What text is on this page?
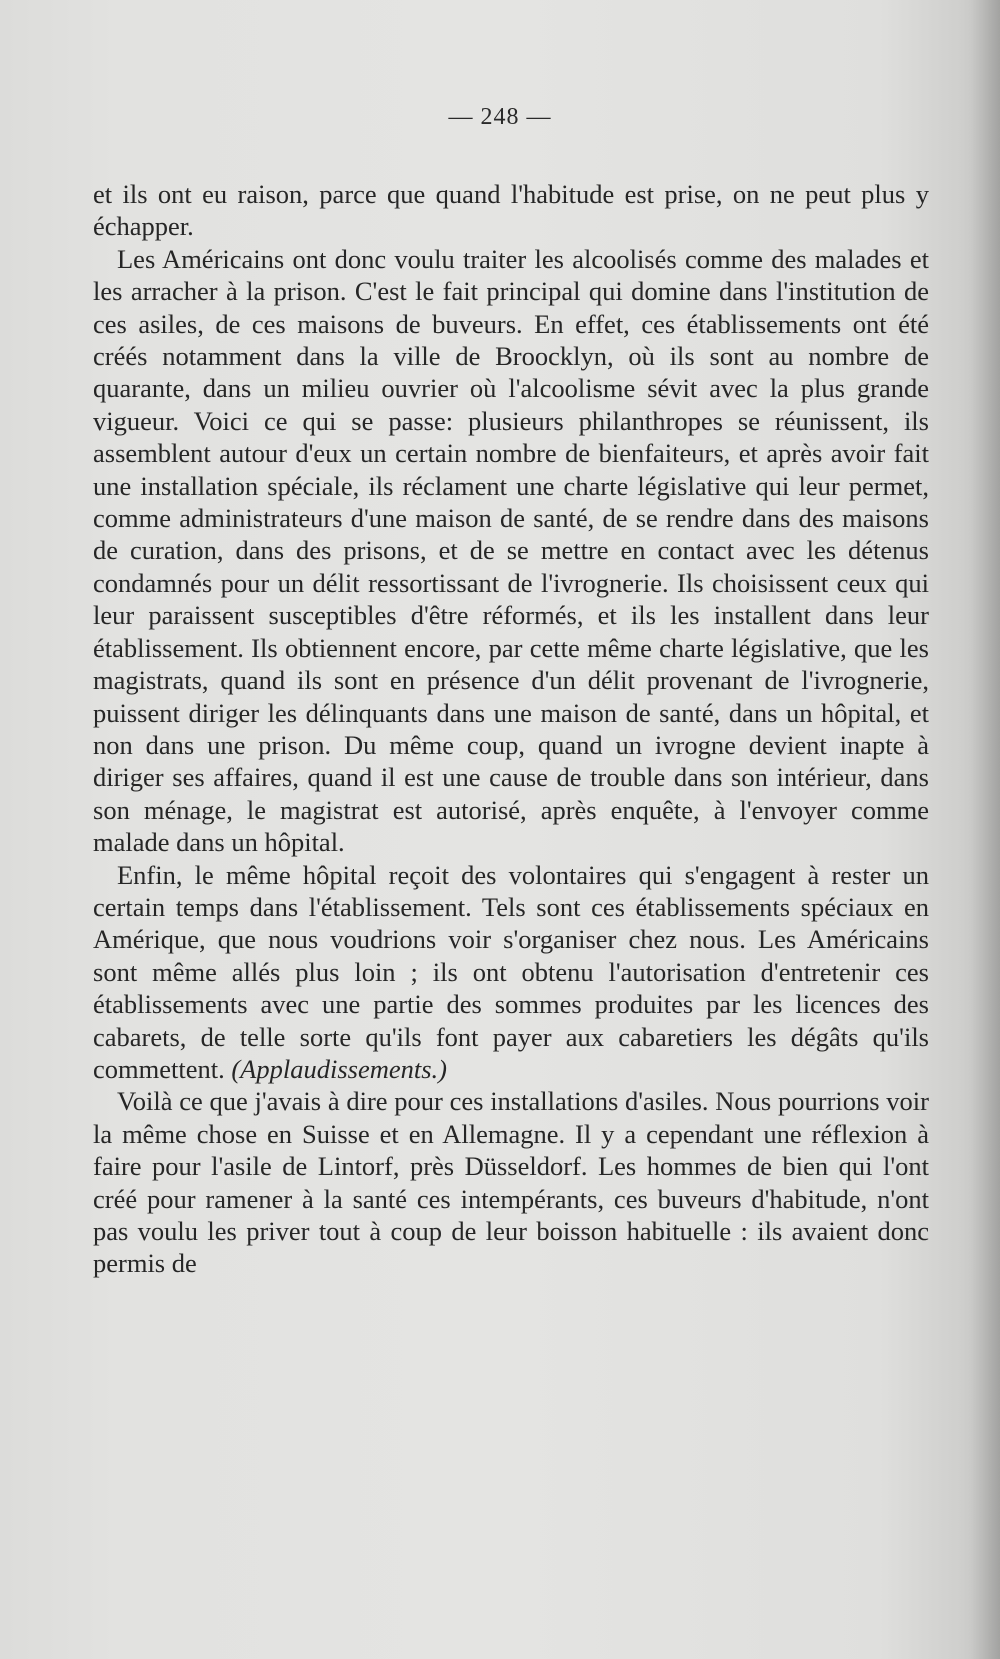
— 248 —

et ils ont eu raison, parce que quand l'habitude est prise, on ne peut plus y échapper.

Les Américains ont donc voulu traiter les alcoolisés comme des malades et les arracher à la prison. C'est le fait principal qui domine dans l'institution de ces asiles, de ces maisons de buveurs. En effet, ces établissements ont été créés notamment dans la ville de Broocklyn, où ils sont au nombre de quarante, dans un milieu ouvrier où l'alcoolisme sévit avec la plus grande vigueur. Voici ce qui se passe: plusieurs philanthropes se réunissent, ils assemblent autour d'eux un certain nombre de bienfaiteurs, et après avoir fait une installation spéciale, ils réclament une charte législative qui leur permet, comme administrateurs d'une maison de santé, de se rendre dans des maisons de curation, dans des prisons, et de se mettre en contact avec les détenus condamnés pour un délit ressortissant de l'ivrognerie. Ils choisissent ceux qui leur paraissent susceptibles d'être réformés, et ils les installent dans leur établissement. Ils obtiennent encore, par cette même charte législative, que les magistrats, quand ils sont en présence d'un délit provenant de l'ivrognerie, puissent diriger les délinquants dans une maison de santé, dans un hôpital, et non dans une prison. Du même coup, quand un ivrogne devient inapte à diriger ses affaires, quand il est une cause de trouble dans son intérieur, dans son ménage, le magistrat est autorisé, après enquête, à l'envoyer comme malade dans un hôpital.

Enfin, le même hôpital reçoit des volontaires qui s'engagent à rester un certain temps dans l'établissement. Tels sont ces établissements spéciaux en Amérique, que nous voudrions voir s'organiser chez nous. Les Américains sont même allés plus loin ; ils ont obtenu l'autorisation d'entretenir ces établissements avec une partie des sommes produites par les licences des cabarets, de telle sorte qu'ils font payer aux cabaretiers les dégâts qu'ils commettent. (Applaudissements.)

Voilà ce que j'avais à dire pour ces installations d'asiles. Nous pourrions voir la même chose en Suisse et en Allemagne. Il y a cependant une réflexion à faire pour l'asile de Lintorf, près Düsseldorf. Les hommes de bien qui l'ont créé pour ramener à la santé ces intempérants, ces buveurs d'habitude, n'ont pas voulu les priver tout à coup de leur boisson habituelle : ils avaient donc permis de
